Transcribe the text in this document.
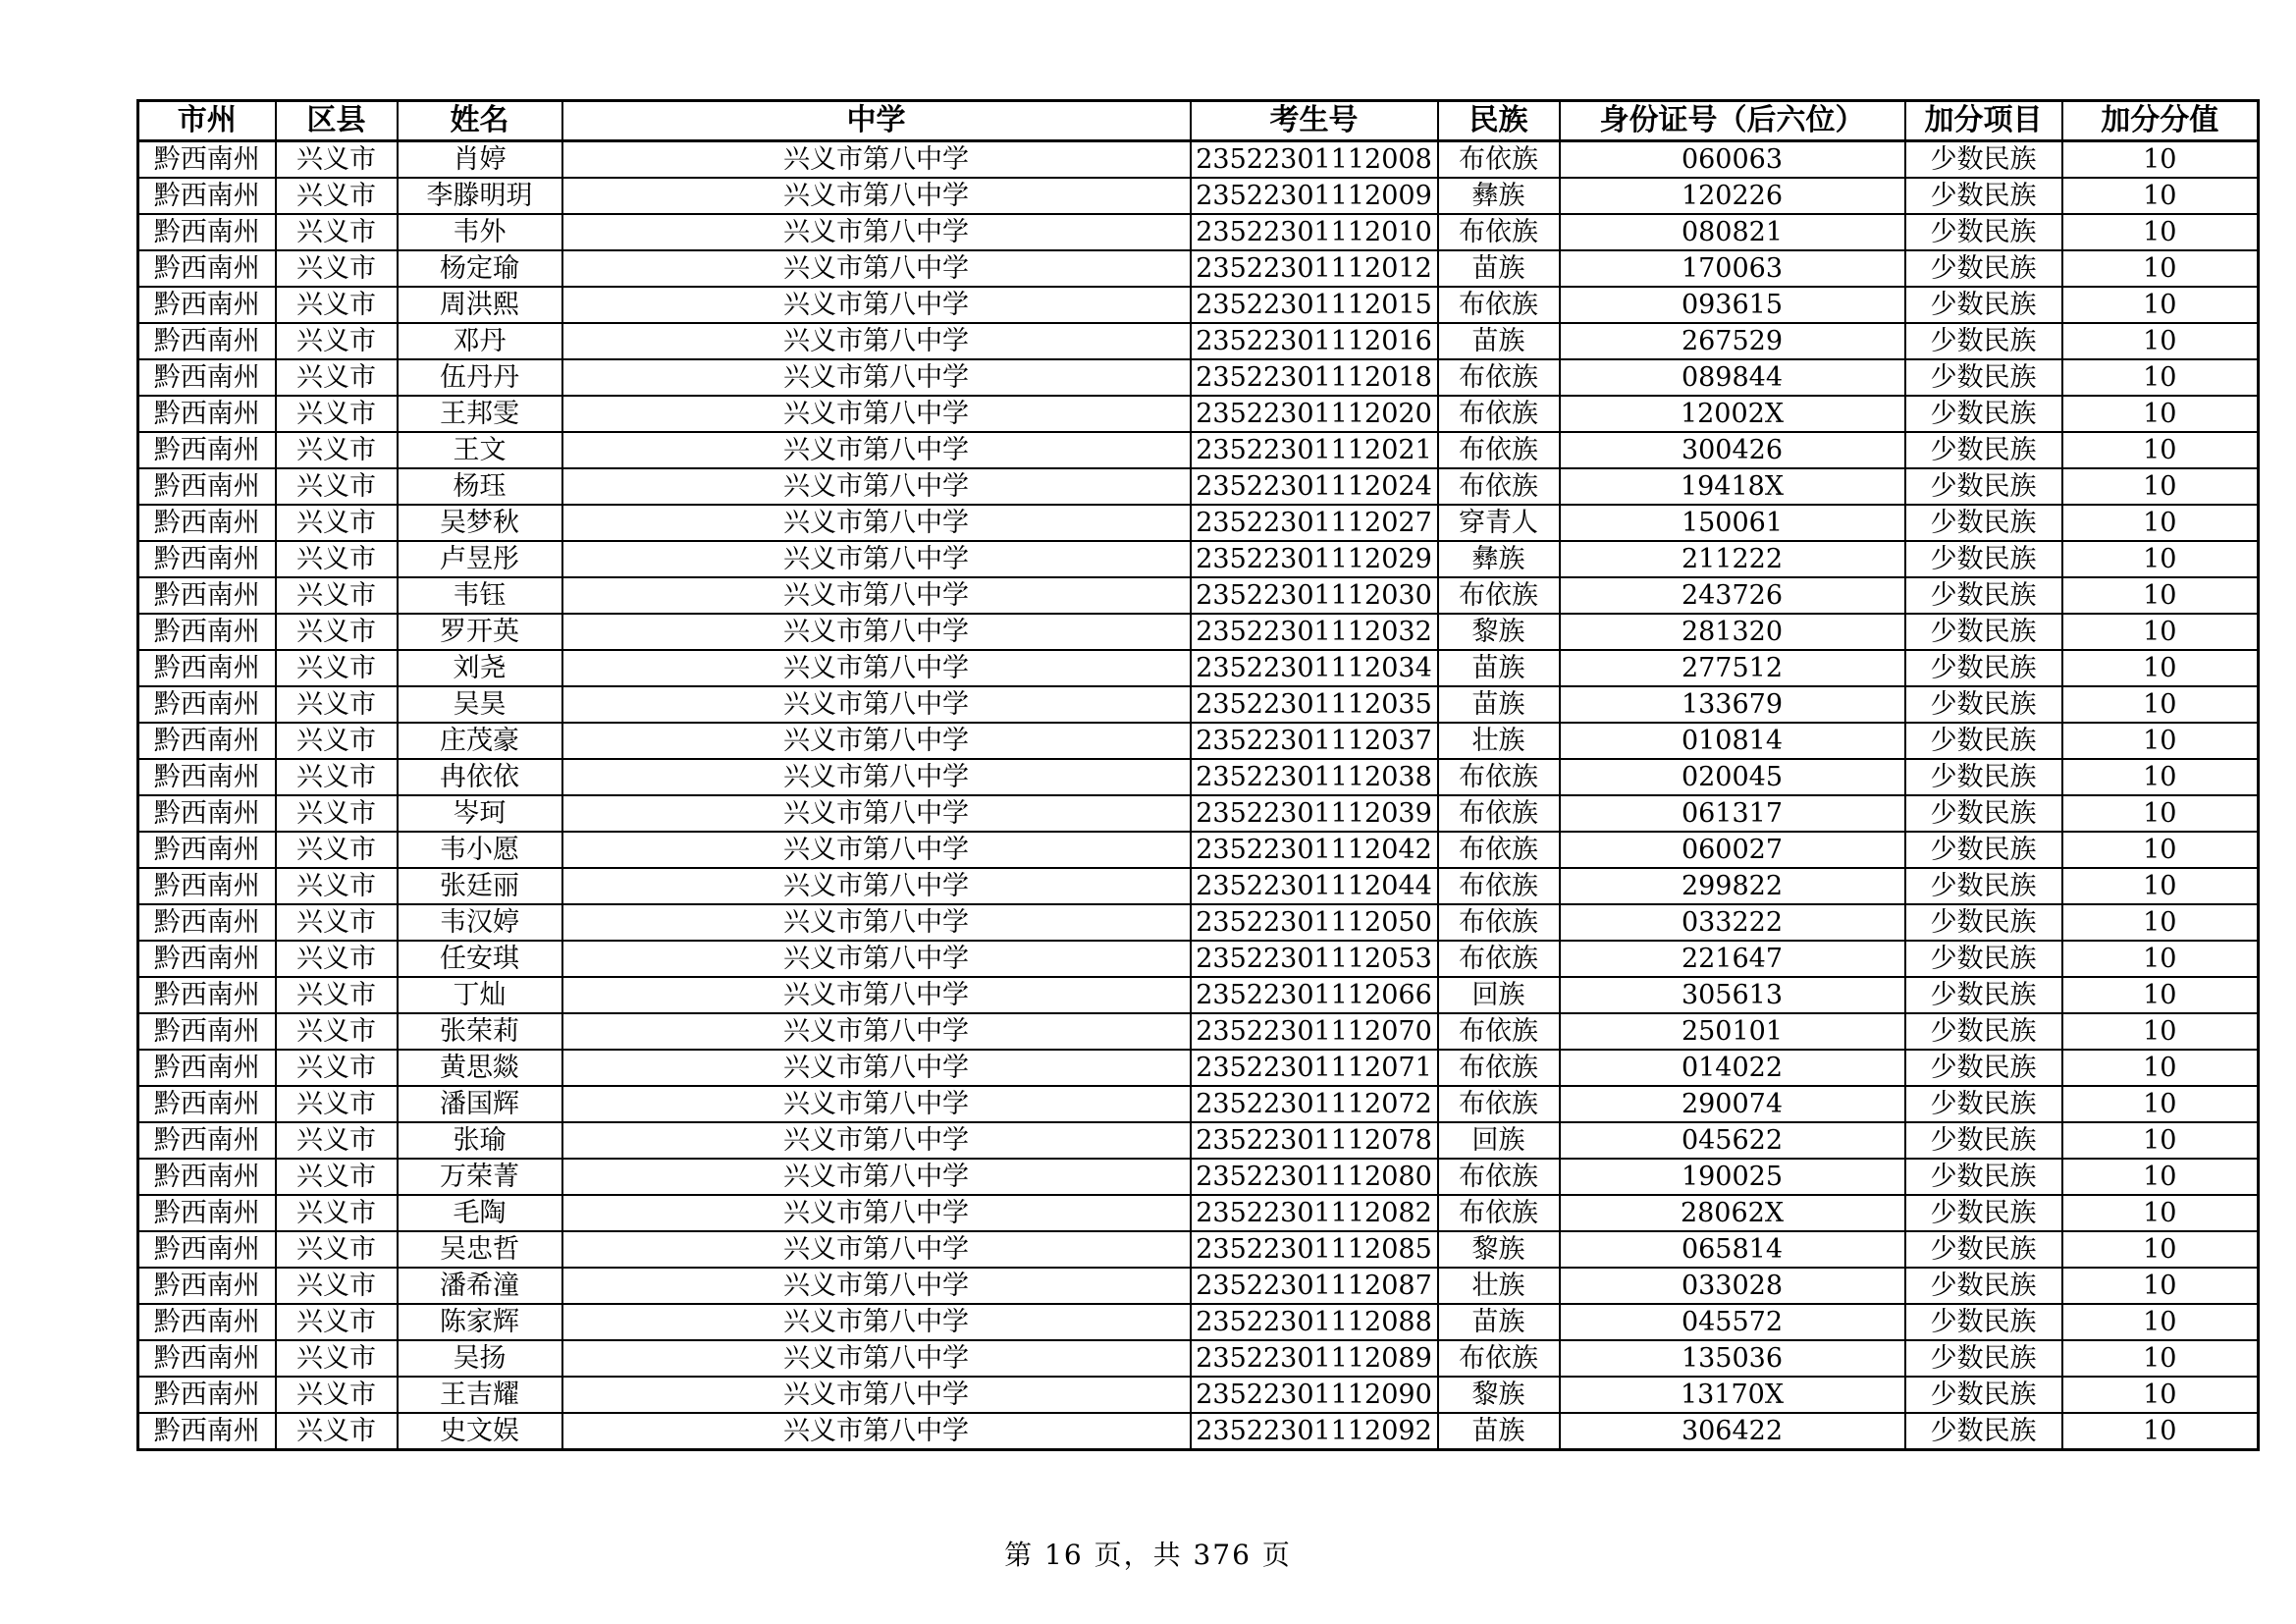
市州	区县	姓名	中学	考生号	民族	身份证号（后六位）	加分项目	加分分值
黔西南州	兴义市	肖婷	兴义市第八中学	23522301112008	布依族	060063	少数民族	10
黔西南州	兴义市	李滕明玥	兴义市第八中学	23522301112009	彝族	120226	少数民族	10
黔西南州	兴义市	韦外	兴义市第八中学	23522301112010	布依族	080821	少数民族	10
黔西南州	兴义市	杨定瑜	兴义市第八中学	23522301112012	苗族	170063	少数民族	10
黔西南州	兴义市	周洪熙	兴义市第八中学	23522301112015	布依族	093615	少数民族	10
黔西南州	兴义市	邓丹	兴义市第八中学	23522301112016	苗族	267529	少数民族	10
黔西南州	兴义市	伍丹丹	兴义市第八中学	23522301112018	布依族	089844	少数民族	10
黔西南州	兴义市	王邦雯	兴义市第八中学	23522301112020	布依族	12002X	少数民族	10
黔西南州	兴义市	王文	兴义市第八中学	23522301112021	布依族	300426	少数民族	10
黔西南州	兴义市	杨珏	兴义市第八中学	23522301112024	布依族	19418X	少数民族	10
黔西南州	兴义市	吴梦秋	兴义市第八中学	23522301112027	穿青人	150061	少数民族	10
黔西南州	兴义市	卢昱彤	兴义市第八中学	23522301112029	彝族	211222	少数民族	10
黔西南州	兴义市	韦钰	兴义市第八中学	23522301112030	布依族	243726	少数民族	10
黔西南州	兴义市	罗开英	兴义市第八中学	23522301112032	黎族	281320	少数民族	10
黔西南州	兴义市	刘尧	兴义市第八中学	23522301112034	苗族	277512	少数民族	10
黔西南州	兴义市	吴昊	兴义市第八中学	23522301112035	苗族	133679	少数民族	10
黔西南州	兴义市	庄茂豪	兴义市第八中学	23522301112037	壮族	010814	少数民族	10
黔西南州	兴义市	冉依依	兴义市第八中学	23522301112038	布依族	020045	少数民族	10
黔西南州	兴义市	岑珂	兴义市第八中学	23522301112039	布依族	061317	少数民族	10
黔西南州	兴义市	韦小愿	兴义市第八中学	23522301112042	布依族	060027	少数民族	10
黔西南州	兴义市	张廷丽	兴义市第八中学	23522301112044	布依族	299822	少数民族	10
黔西南州	兴义市	韦汉婷	兴义市第八中学	23522301112050	布依族	033222	少数民族	10
黔西南州	兴义市	任安琪	兴义市第八中学	23522301112053	布依族	221647	少数民族	10
黔西南州	兴义市	丁灿	兴义市第八中学	23522301112066	回族	305613	少数民族	10
黔西南州	兴义市	张荣莉	兴义市第八中学	23522301112070	布依族	250101	少数民族	10
黔西南州	兴义市	黄思燚	兴义市第八中学	23522301112071	布依族	014022	少数民族	10
黔西南州	兴义市	潘国辉	兴义市第八中学	23522301112072	布依族	290074	少数民族	10
黔西南州	兴义市	张瑜	兴义市第八中学	23522301112078	回族	045622	少数民族	10
黔西南州	兴义市	万荣菁	兴义市第八中学	23522301112080	布依族	190025	少数民族	10
黔西南州	兴义市	毛陶	兴义市第八中学	23522301112082	布依族	28062X	少数民族	10
黔西南州	兴义市	吴忠哲	兴义市第八中学	23522301112085	黎族	065814	少数民族	10
黔西南州	兴义市	潘希潼	兴义市第八中学	23522301112087	壮族	033028	少数民族	10
黔西南州	兴义市	陈家辉	兴义市第八中学	23522301112088	苗族	045572	少数民族	10
黔西南州	兴义市	吴扬	兴义市第八中学	23522301112089	布依族	135036	少数民族	10
黔西南州	兴义市	王吉耀	兴义市第八中学	23522301112090	黎族	13170X	少数民族	10
黔西南州	兴义市	史文娱	兴义市第八中学	23522301112092	苗族	306422	少数民族	10
第 16 页，共 376 页
